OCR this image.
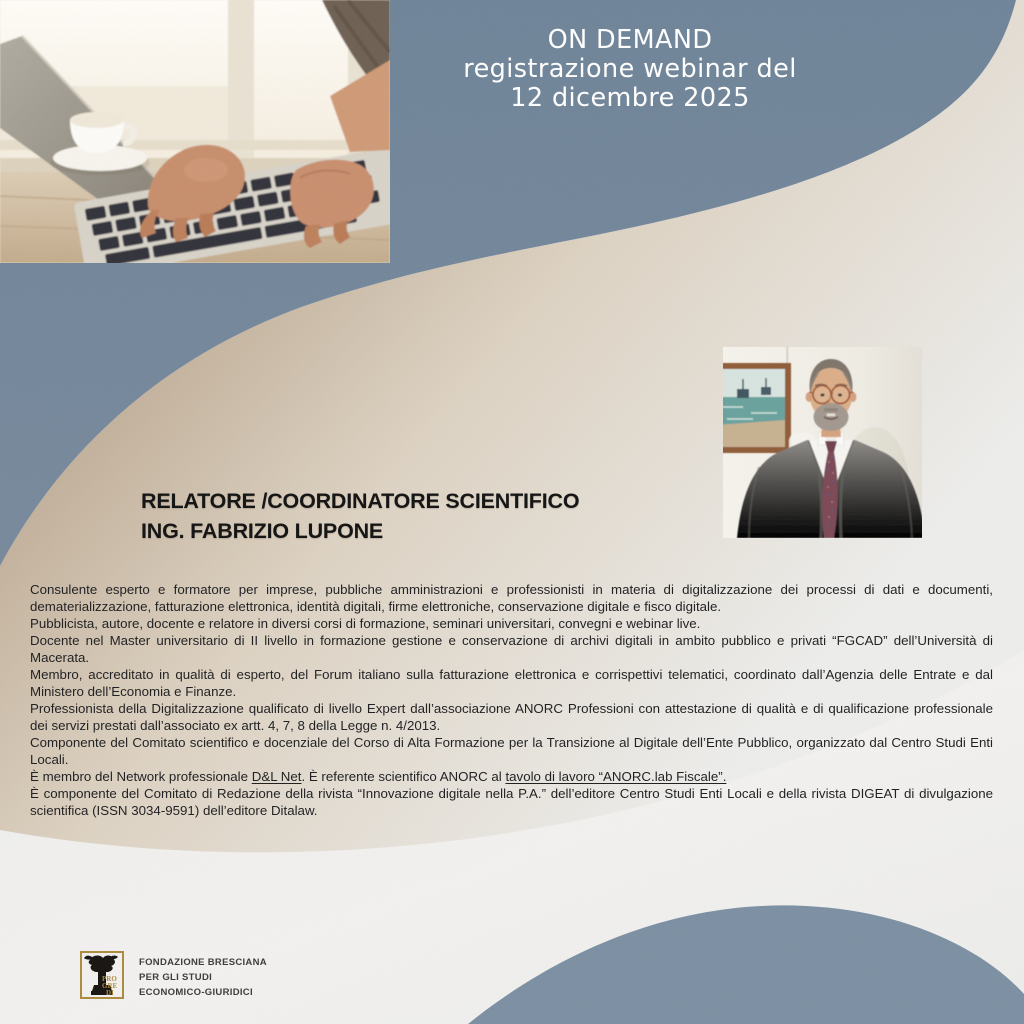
ON DEMAND
registrazione webinar del
12 dicembre 2025
RELATORE /COORDINATORE SCIENTIFICO
ING. FABRIZIO LUPONE

Consulente esperto e formatore per imprese, pubbliche amministrazioni e professionisti in materia di digitalizzazione dei processi di dati e documenti, dematerializzazione, fatturazione elettronica, identità digitali, firme elettroniche, conservazione digitale e fisco digitale.

Pubblicista, autore, docente e relatore in diversi corsi di formazione, seminari universitari, convegni e webinar live.

Docente nel Master universitario di II livello in formazione gestione e conservazione di archivi digitali in ambito pubblico e privati “FGCAD” dell’Università di Macerata.

Membro, accreditato in qualità di esperto, del Forum italiano sulla fatturazione elettronica e corrispettivi telematici, coordinato dall’Agenzia delle Entrate e dal Ministero dell’Economia e Finanze.

Professionista della Digitalizzazione qualificato di livello Expert dall’associazione ANORC Professioni con attestazione di qualità e di qualificazione professionale dei servizi prestati dall’associato ex artt. 4, 7, 8 della Legge n. 4/2013.

Componente del Comitato scientifico e docenziale del Corso di Alta Formazione per la Transizione al Digitale dell’Ente Pubblico, organizzato dal Centro Studi Enti Locali.

È membro del Network professionale D&L Net. È referente scientifico ANORC al tavolo di lavoro “ANORC.lab Fiscale”.

È componente del Comitato di Redazione della rivista “Innovazione digitale nella P.A.” dell’editore Centro Studi Enti Locali e della rivista DIGEAT di divulgazione scientifica (ISSN 3034-9591) dell’editore Ditalaw.

PRO
GRE
DI
FONDAZIONE BRESCIANA
PER GLI STUDI
ECONOMICO-GIURIDICI
